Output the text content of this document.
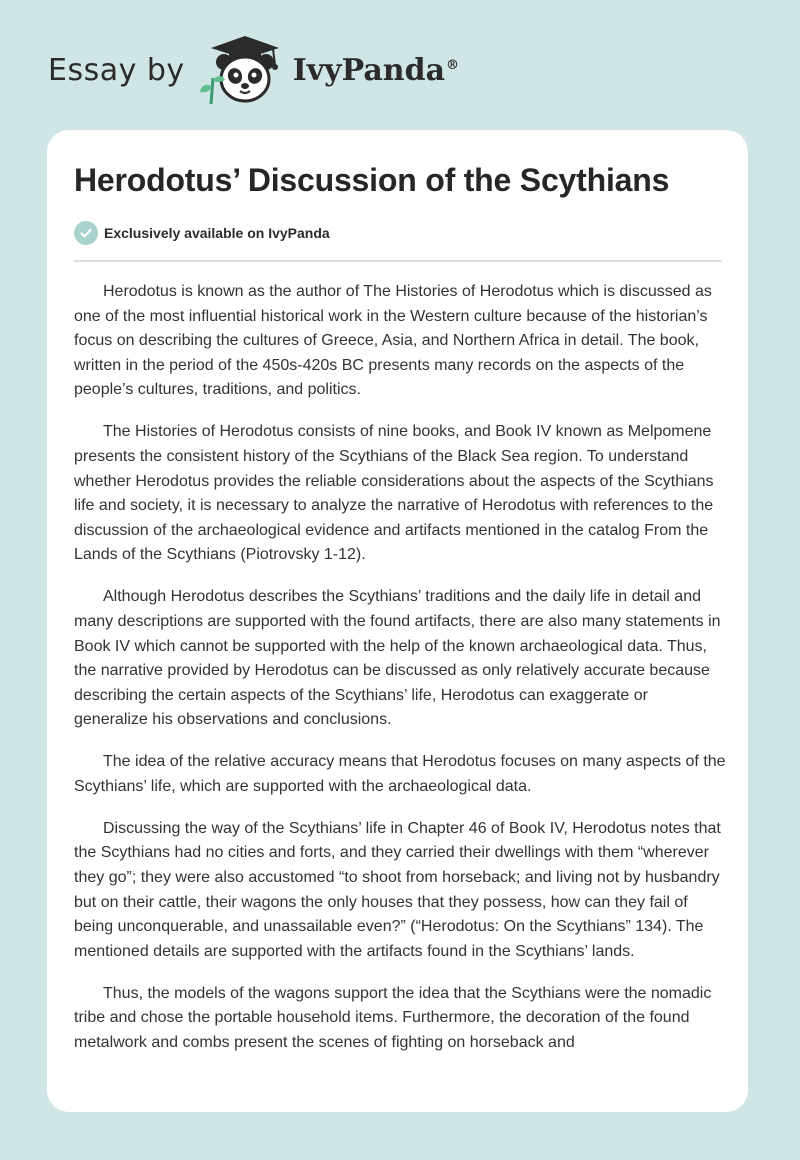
Essay by	IvyPanda®
Herodotus’ Discussion of the Scythians
Exclusively available on IvyPanda

Herodotus is known as the author of The Histories of Herodotus which is discussed as one of the most influential historical work in the Western culture because of the historian’s focus on describing the cultures of Greece, Asia, and Northern Africa in detail. The book, written in the period of the 450s-420s BC presents many records on the aspects of the people’s cultures, traditions, and politics.

The Histories of Herodotus consists of nine books, and Book IV known as Melpomene presents the consistent history of the Scythians of the Black Sea region. To understand whether Herodotus provides the reliable considerations about the aspects of the Scythians life and society, it is necessary to analyze the narrative of Herodotus with references to the discussion of the archaeological evidence and artifacts mentioned in the catalog From the Lands of the Scythians (Piotrovsky 1-12).

Although Herodotus describes the Scythians’ traditions and the daily life in detail and many descriptions are supported with the found artifacts, there are also many statements in Book IV which cannot be supported with the help of the known archaeological data. Thus, the narrative provided by Herodotus can be discussed as only relatively accurate because describing the certain aspects of the Scythians’ life, Herodotus can exaggerate or generalize his observations and conclusions.

The idea of the relative accuracy means that Herodotus focuses on many aspects of the Scythians’ life, which are supported with the archaeological data.

Discussing the way of the Scythians’ life in Chapter 46 of Book IV, Herodotus notes that the Scythians had no cities and forts, and they carried their dwellings with them “wherever they go”; they were also accustomed “to shoot from horseback; and living not by husbandry but on their cattle, their wagons the only houses that they possess, how can they fail of being unconquerable, and unassailable even?” (“Herodotus: On the Scythians” 134). The mentioned details are supported with the artifacts found in the Scythians’ lands.

Thus, the models of the wagons support the idea that the Scythians were the nomadic tribe and chose the portable household items. Furthermore, the decoration of the found metalwork and combs present the scenes of fighting on horseback and
